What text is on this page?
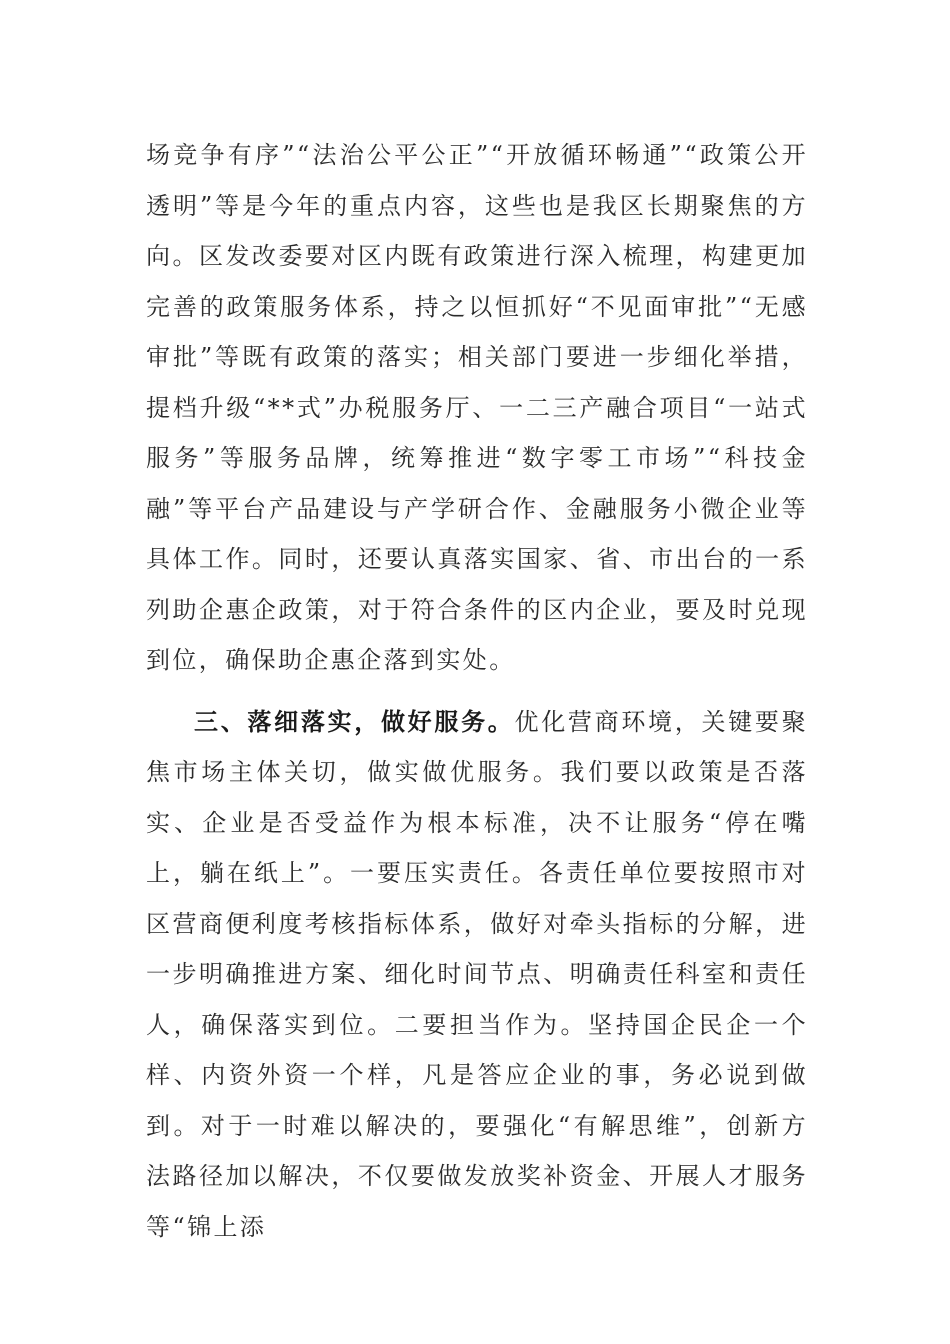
场竞争有序”“法治公平公正”“开放循环畅通”“政策公开透明”等是今年的重点内容，这些也是我区长期聚焦的方向。区发改委要对区内既有政策进行深入梳理，构建更加完善的政策服务体系，持之以恒抓好“不见面审批”“无感审批”等既有政策的落实；相关部门要进一步细化举措，提档升级“**式”办税服务厅、一二三产融合项目“一站式服务”等服务品牌，统筹推进“数字零工市场”“科技金融”等平台产品建设与产学研合作、金融服务小微企业等具体工作。同时，还要认真落实国家、省、市出台的一系列助企惠企政策，对于符合条件的区内企业，要及时兑现到位，确保助企惠企落到实处。

三、落细落实，做好服务。优化营商环境，关键要聚焦市场主体关切，做实做优服务。我们要以政策是否落实、企业是否受益作为根本标准，决不让服务“停在嘴上，躺在纸上”。一要压实责任。各责任单位要按照市对区营商便利度考核指标体系，做好对牵头指标的分解，进一步明确推进方案、细化时间节点、明确责任科室和责任人，确保落实到位。二要担当作为。坚持国企民企一个样、内资外资一个样，凡是答应企业的事，务必说到做到。对于一时难以解决的，要强化“有解思维”，创新方法路径加以解决，不仅要做发放奖补资金、开展人才服务等“锦上添
